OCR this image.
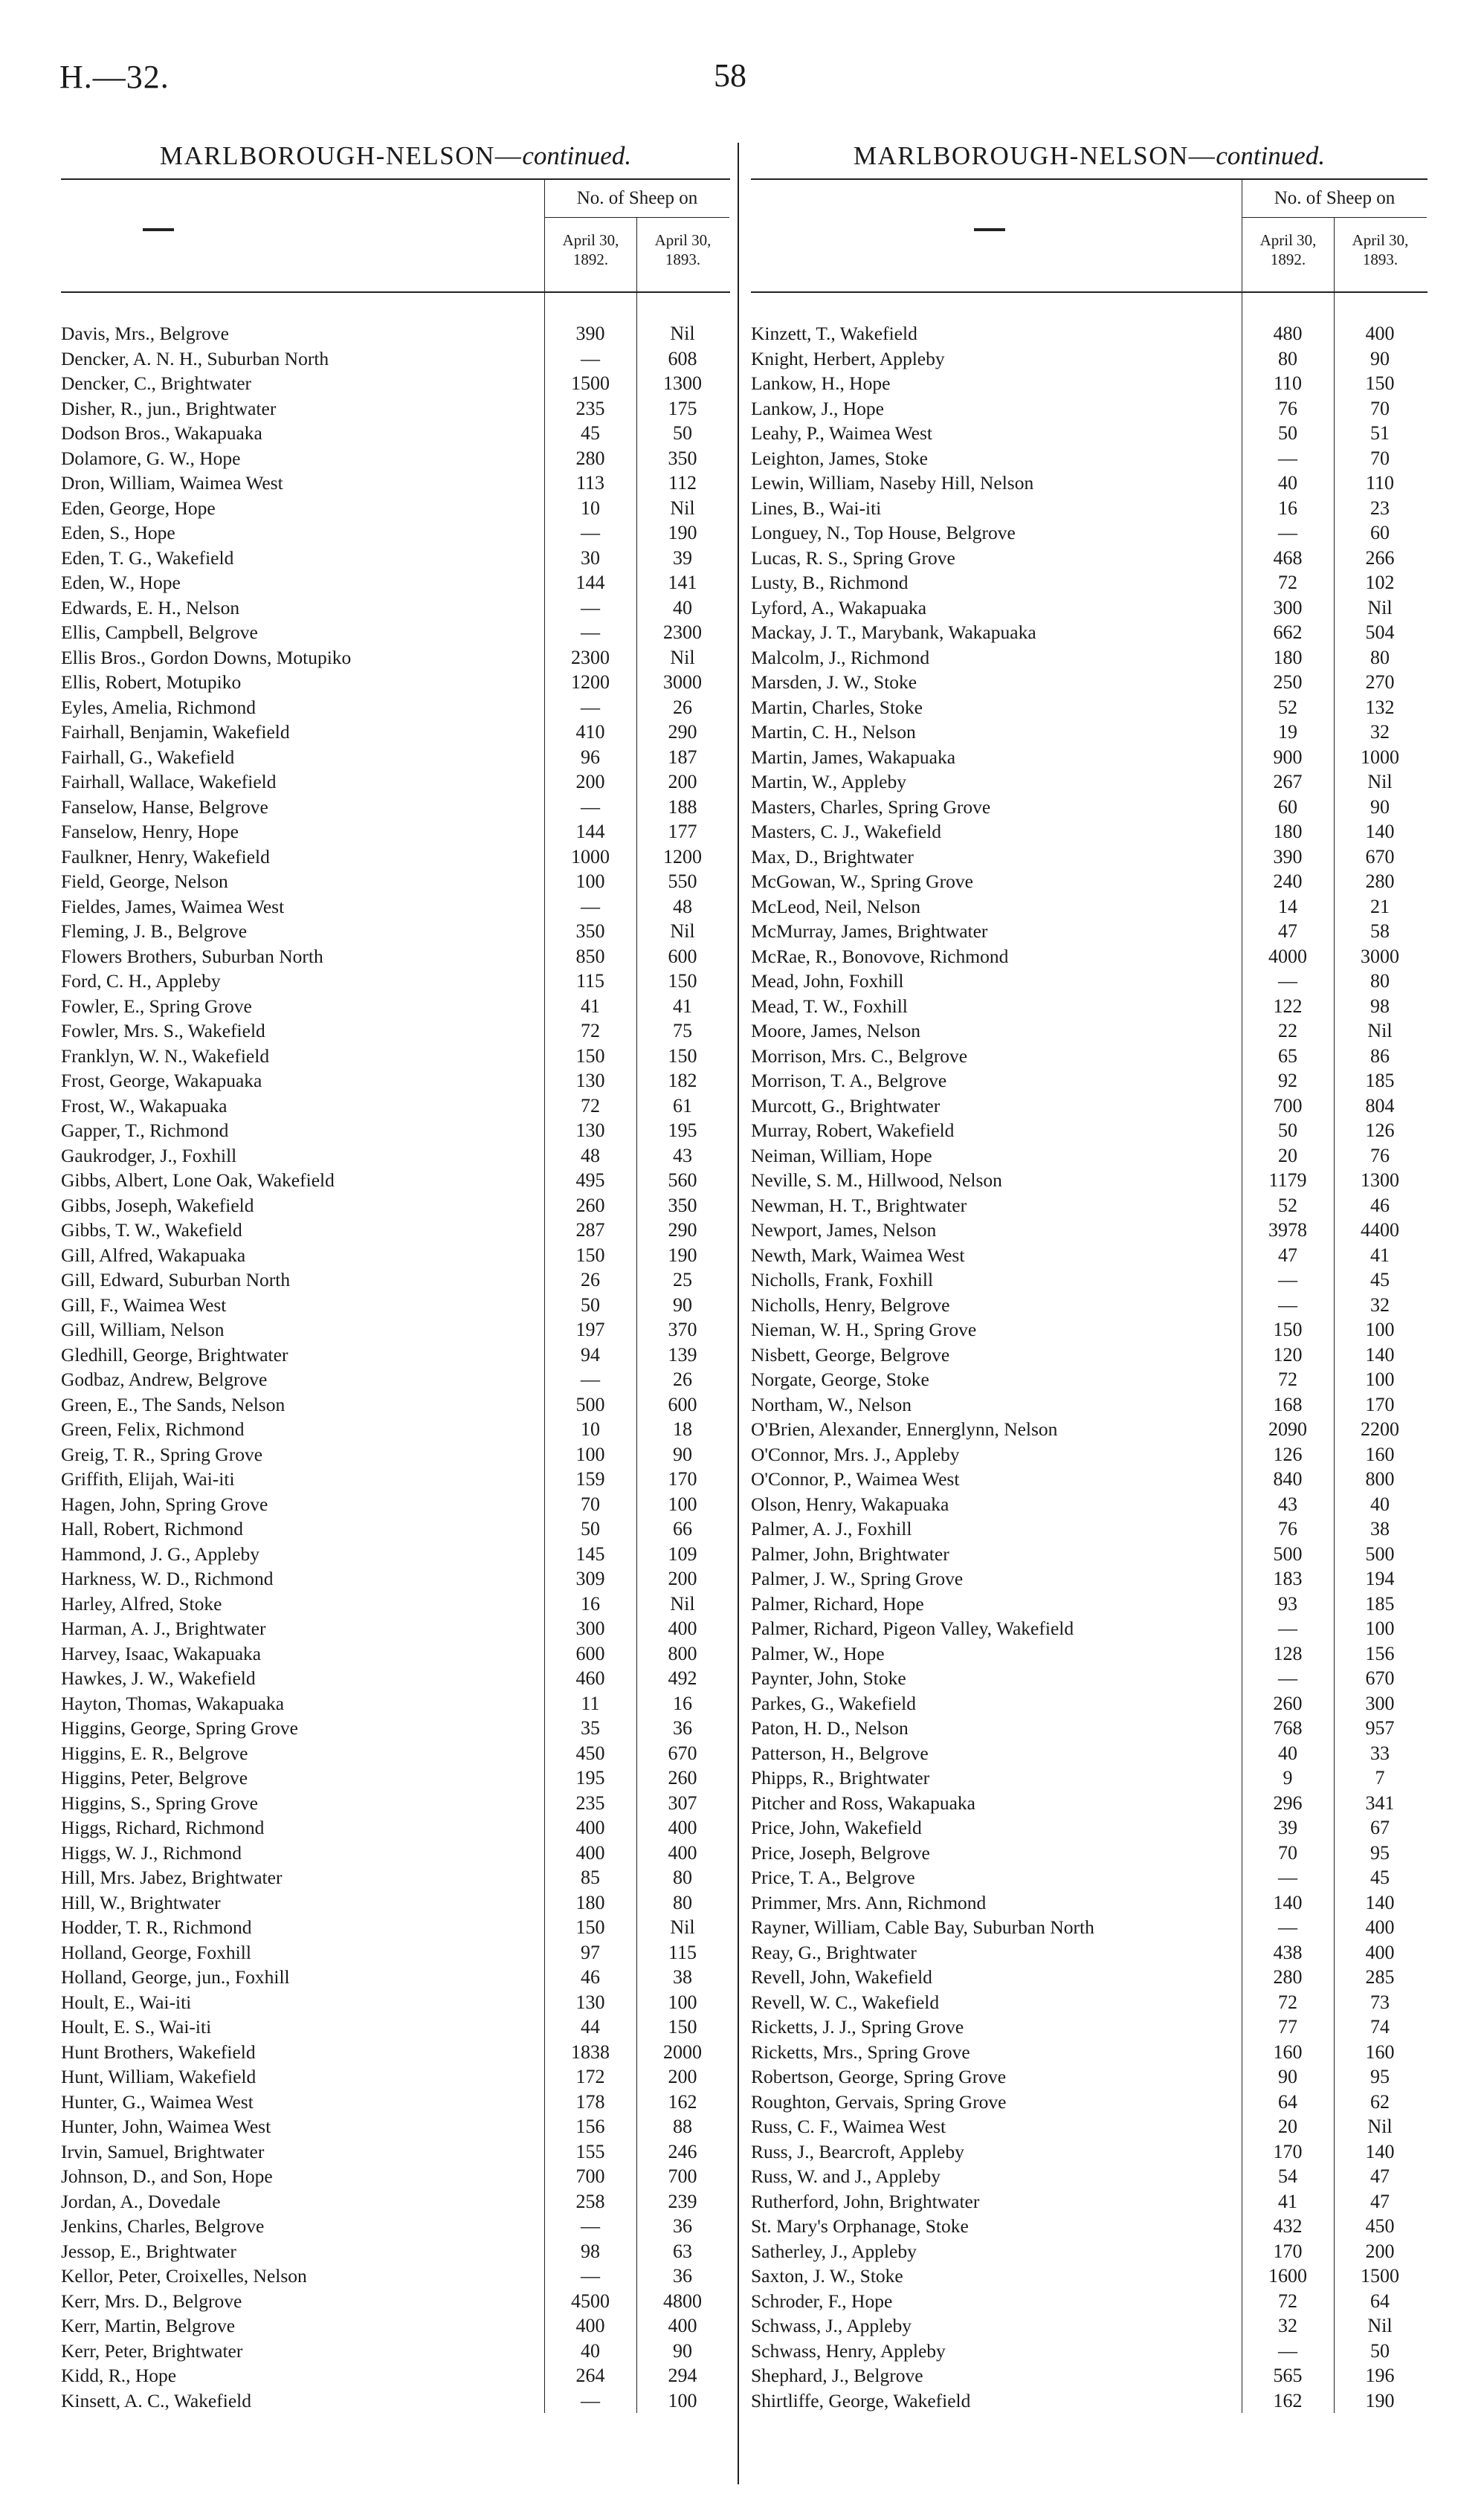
H.—32.	58
MARLBOROUGH-NELSON—continued.
No. of Sheep on
April 30,
1892.
April 30,
1893.
Davis, Mrs., Belgrove	390	Nil
Dencker, A. N. H., Suburban North	—	608
Dencker, C., Brightwater	1500	1300
Disher, R., jun., Brightwater	235	175
Dodson Bros., Wakapuaka	45	50
Dolamore, G. W., Hope	280	350
Dron, William, Waimea West	113	112
Eden, George, Hope	10	Nil
Eden, S., Hope	—	190
Eden, T. G., Wakefield	30	39
Eden, W., Hope	144	141
Edwards, E. H., Nelson	—	40
Ellis, Campbell, Belgrove	—	2300
Ellis Bros., Gordon Downs, Motupiko	2300	Nil
Ellis, Robert, Motupiko	1200	3000
Eyles, Amelia, Richmond	—	26
Fairhall, Benjamin, Wakefield	410	290
Fairhall, G., Wakefield	96	187
Fairhall, Wallace, Wakefield	200	200
Fanselow, Hanse, Belgrove	—	188
Fanselow, Henry, Hope	144	177
Faulkner, Henry, Wakefield	1000	1200
Field, George, Nelson	100	550
Fieldes, James, Waimea West	—	48
Fleming, J. B., Belgrove	350	Nil
Flowers Brothers, Suburban North	850	600
Ford, C. H., Appleby	115	150
Fowler, E., Spring Grove	41	41
Fowler, Mrs. S., Wakefield	72	75
Franklyn, W. N., Wakefield	150	150
Frost, George, Wakapuaka	130	182
Frost, W., Wakapuaka	72	61
Gapper, T., Richmond	130	195
Gaukrodger, J., Foxhill	48	43
Gibbs, Albert, Lone Oak, Wakefield	495	560
Gibbs, Joseph, Wakefield	260	350
Gibbs, T. W., Wakefield	287	290
Gill, Alfred, Wakapuaka	150	190
Gill, Edward, Suburban North	26	25
Gill, F., Waimea West	50	90
Gill, William, Nelson	197	370
Gledhill, George, Brightwater	94	139
Godbaz, Andrew, Belgrove	—	26
Green, E., The Sands, Nelson	500	600
Green, Felix, Richmond	10	18
Greig, T. R., Spring Grove	100	90
Griffith, Elijah, Wai-iti	159	170
Hagen, John, Spring Grove	70	100
Hall, Robert, Richmond	50	66
Hammond, J. G., Appleby	145	109
Harkness, W. D., Richmond	309	200
Harley, Alfred, Stoke	16	Nil
Harman, A. J., Brightwater	300	400
Harvey, Isaac, Wakapuaka	600	800
Hawkes, J. W., Wakefield	460	492
Hayton, Thomas, Wakapuaka	11	16
Higgins, George, Spring Grove	35	36
Higgins, E. R., Belgrove	450	670
Higgins, Peter, Belgrove	195	260
Higgins, S., Spring Grove	235	307
Higgs, Richard, Richmond	400	400
Higgs, W. J., Richmond	400	400
Hill, Mrs. Jabez, Brightwater	85	80
Hill, W., Brightwater	180	80
Hodder, T. R., Richmond	150	Nil
Holland, George, Foxhill	97	115
Holland, George, jun., Foxhill	46	38
Hoult, E., Wai-iti	130	100
Hoult, E. S., Wai-iti	44	150
Hunt Brothers, Wakefield	1838	2000
Hunt, William, Wakefield	172	200
Hunter, G., Waimea West	178	162
Hunter, John, Waimea West	156	88
Irvin, Samuel, Brightwater	155	246
Johnson, D., and Son, Hope	700	700
Jordan, A., Dovedale	258	239
Jenkins, Charles, Belgrove	—	36
Jessop, E., Brightwater	98	63
Kellor, Peter, Croixelles, Nelson	—	36
Kerr, Mrs. D., Belgrove	4500	4800
Kerr, Martin, Belgrove	400	400
Kerr, Peter, Brightwater	40	90
Kidd, R., Hope	264	294
Kinsett, A. C., Wakefield	—	100
MARLBOROUGH-NELSON—continued.
No. of Sheep on
April 30,
1892.
April 30,
1893.
Kinzett, T., Wakefield	480	400
Knight, Herbert, Appleby	80	90
Lankow, H., Hope	110	150
Lankow, J., Hope	76	70
Leahy, P., Waimea West	50	51
Leighton, James, Stoke	—	70
Lewin, William, Naseby Hill, Nelson	40	110
Lines, B., Wai-iti	16	23
Longuey, N., Top House, Belgrove	—	60
Lucas, R. S., Spring Grove	468	266
Lusty, B., Richmond	72	102
Lyford, A., Wakapuaka	300	Nil
Mackay, J. T., Marybank, Wakapuaka	662	504
Malcolm, J., Richmond	180	80
Marsden, J. W., Stoke	250	270
Martin, Charles, Stoke	52	132
Martin, C. H., Nelson	19	32
Martin, James, Wakapuaka	900	1000
Martin, W., Appleby	267	Nil
Masters, Charles, Spring Grove	60	90
Masters, C. J., Wakefield	180	140
Max, D., Brightwater	390	670
McGowan, W., Spring Grove	240	280
McLeod, Neil, Nelson	14	21
McMurray, James, Brightwater	47	58
McRae, R., Bonovove, Richmond	4000	3000
Mead, John, Foxhill	—	80
Mead, T. W., Foxhill	122	98
Moore, James, Nelson	22	Nil
Morrison, Mrs. C., Belgrove	65	86
Morrison, T. A., Belgrove	92	185
Murcott, G., Brightwater	700	804
Murray, Robert, Wakefield	50	126
Neiman, William, Hope	20	76
Neville, S. M., Hillwood, Nelson	1179	1300
Newman, H. T., Brightwater	52	46
Newport, James, Nelson	3978	4400
Newth, Mark, Waimea West	47	41
Nicholls, Frank, Foxhill	—	45
Nicholls, Henry, Belgrove	—	32
Nieman, W. H., Spring Grove	150	100
Nisbett, George, Belgrove	120	140
Norgate, George, Stoke	72	100
Northam, W., Nelson	168	170
O'Brien, Alexander, Ennerglynn, Nelson	2090	2200
O'Connor, Mrs. J., Appleby	126	160
O'Connor, P., Waimea West	840	800
Olson, Henry, Wakapuaka	43	40
Palmer, A. J., Foxhill	76	38
Palmer, John, Brightwater	500	500
Palmer, J. W., Spring Grove	183	194
Palmer, Richard, Hope	93	185
Palmer, Richard, Pigeon Valley, Wakefield	—	100
Palmer, W., Hope	128	156
Paynter, John, Stoke	—	670
Parkes, G., Wakefield	260	300
Paton, H. D., Nelson	768	957
Patterson, H., Belgrove	40	33
Phipps, R., Brightwater	9	7
Pitcher and Ross, Wakapuaka	296	341
Price, John, Wakefield	39	67
Price, Joseph, Belgrove	70	95
Price, T. A., Belgrove	—	45
Primmer, Mrs. Ann, Richmond	140	140
Rayner, William, Cable Bay, Suburban North	—	400
Reay, G., Brightwater	438	400
Revell, John, Wakefield	280	285
Revell, W. C., Wakefield	72	73
Ricketts, J. J., Spring Grove	77	74
Ricketts, Mrs., Spring Grove	160	160
Robertson, George, Spring Grove	90	95
Roughton, Gervais, Spring Grove	64	62
Russ, C. F., Waimea West	20	Nil
Russ, J., Bearcroft, Appleby	170	140
Russ, W. and J., Appleby	54	47
Rutherford, John, Brightwater	41	47
St. Mary's Orphanage, Stoke	432	450
Satherley, J., Appleby	170	200
Saxton, J. W., Stoke	1600	1500
Schroder, F., Hope	72	64
Schwass, J., Appleby	32	Nil
Schwass, Henry, Appleby	—	50
Shephard, J., Belgrove	565	196
Shirtliffe, George, Wakefield	162	190
